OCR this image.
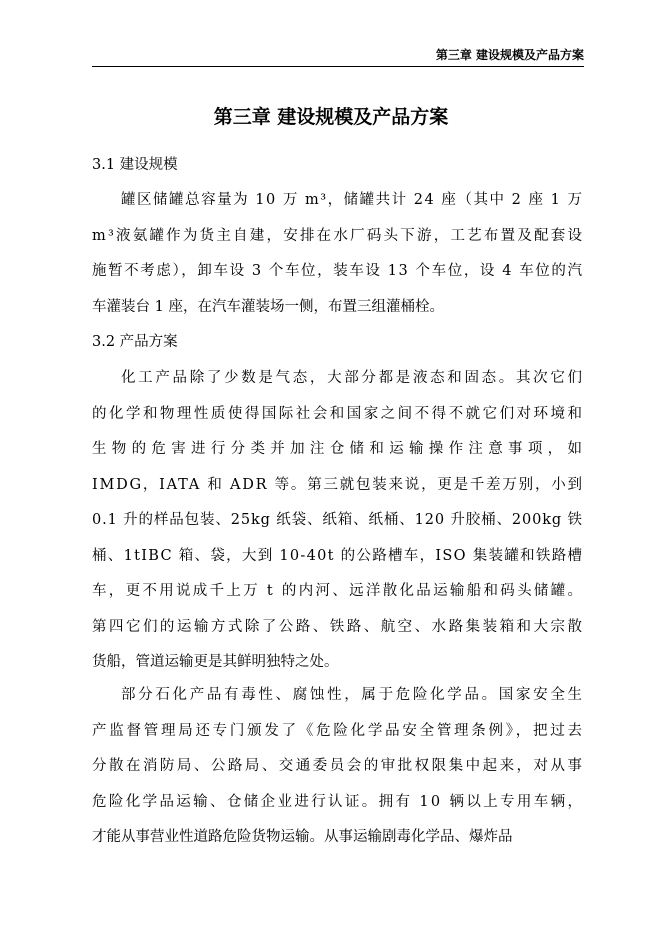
第三章 建设规模及产品方案
第三章 建设规模及产品方案
3.1 建设规模
罐区储罐总容量为 10 万 m³，储罐共计 24 座（其中 2 座 1 万
m³液氨罐作为货主自建，安排在水厂码头下游，工艺布置及配套设
施暂不考虑），卸车设 3 个车位，装车设 13 个车位，设 4 车位的汽
车灌装台 1 座，在汽车灌装场一侧，布置三组灌桶栓。
3.2 产品方案
化工产品除了少数是气态，大部分都是液态和固态。其次它们
的化学和物理性质使得国际社会和国家之间不得不就它们对环境和
生物的危害进行分类并加注仓储和运输操作注意事项，如
IMDG，IATA 和 ADR 等。第三就包装来说，更是千差万别，小到
0.1 升的样品包装、25kg 纸袋、纸箱、纸桶、120 升胶桶、200kg 铁
桶、1tIBC 箱、袋，大到 10-40t 的公路槽车，ISO 集装罐和铁路槽
车，更不用说成千上万 t 的内河、远洋散化品运输船和码头储罐。
第四它们的运输方式除了公路、铁路、航空、水路集装箱和大宗散
货船，管道运输更是其鲜明独特之处。
部分石化产品有毒性、腐蚀性，属于危险化学品。国家安全生
产监督管理局还专门颁发了《危险化学品安全管理条例》，把过去
分散在消防局、公路局、交通委员会的审批权限集中起来，对从事
危险化学品运输、仓储企业进行认证。拥有 10 辆以上专用车辆，
才能从事营业性道路危险货物运输。从事运输剧毒化学品、爆炸品
